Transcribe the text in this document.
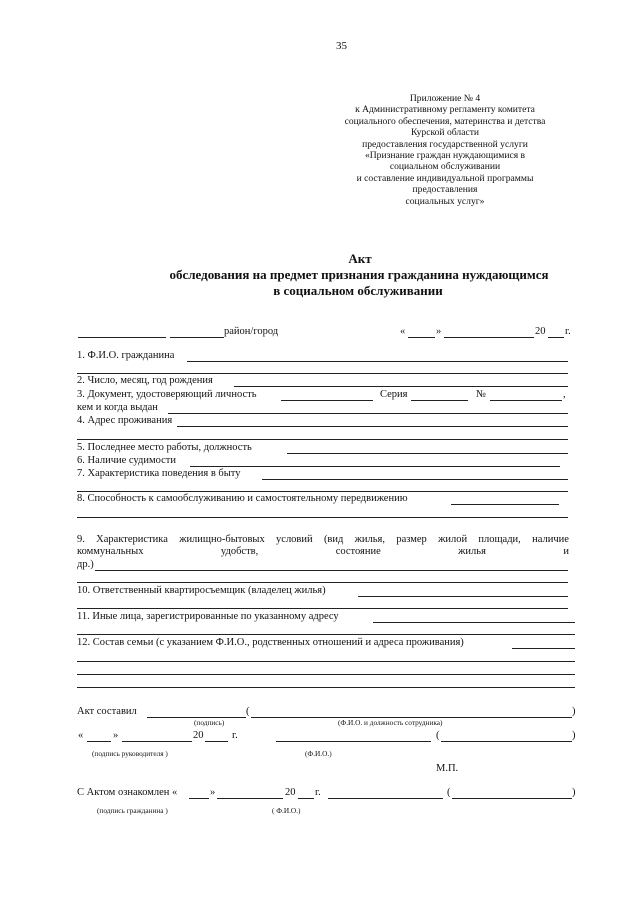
35
Приложение № 4
к Административному регламенту комитета
социального обеспечения, материнства и детства
Курской области
предоставления государственной услуги
«Признание граждан нуждающимися в
социальном обслуживании
и составление индивидуальной программы
предоставления
социальных услуг»
Акт
обследования на предмет признания гражданина нуждающимся
в социальном обслуживании
район/город	«	»	20 г.
1. Ф.И.О. гражданина
2. Число, месяц, год рождения
3. Документ, удостоверяющий личность	Серия	№	,
кем и когда выдан
4. Адрес проживания
5. Последнее место работы, должность
6. Наличие судимости
7. Характеристика поведения в быту
8. Способность к самообслуживанию и самостоятельному передвижению
9. Характеристика жилищно-бытовых условий (вид жилья, размер жилой площади, наличие
коммунальных	удобств,	состояние	жилья	и
др.)
10. Ответственный квартиросъемщик (владелец жилья)
11. Иные лица, зарегистрированные по указанному адресу
12. Состав семьи (с указанием Ф.И.О., родственных отношений и адреса проживания)
Акт составил	(	)
(подпись)	(Ф.И.О. и должность сотрудника)
«	»	20	г.	(	)
(подпись руководителя )	(Ф.И.О.)
М.П.
С Актом ознакомлен «	»	20 г.	(	)
(подпись гражданина )	( Ф.И.О.)
